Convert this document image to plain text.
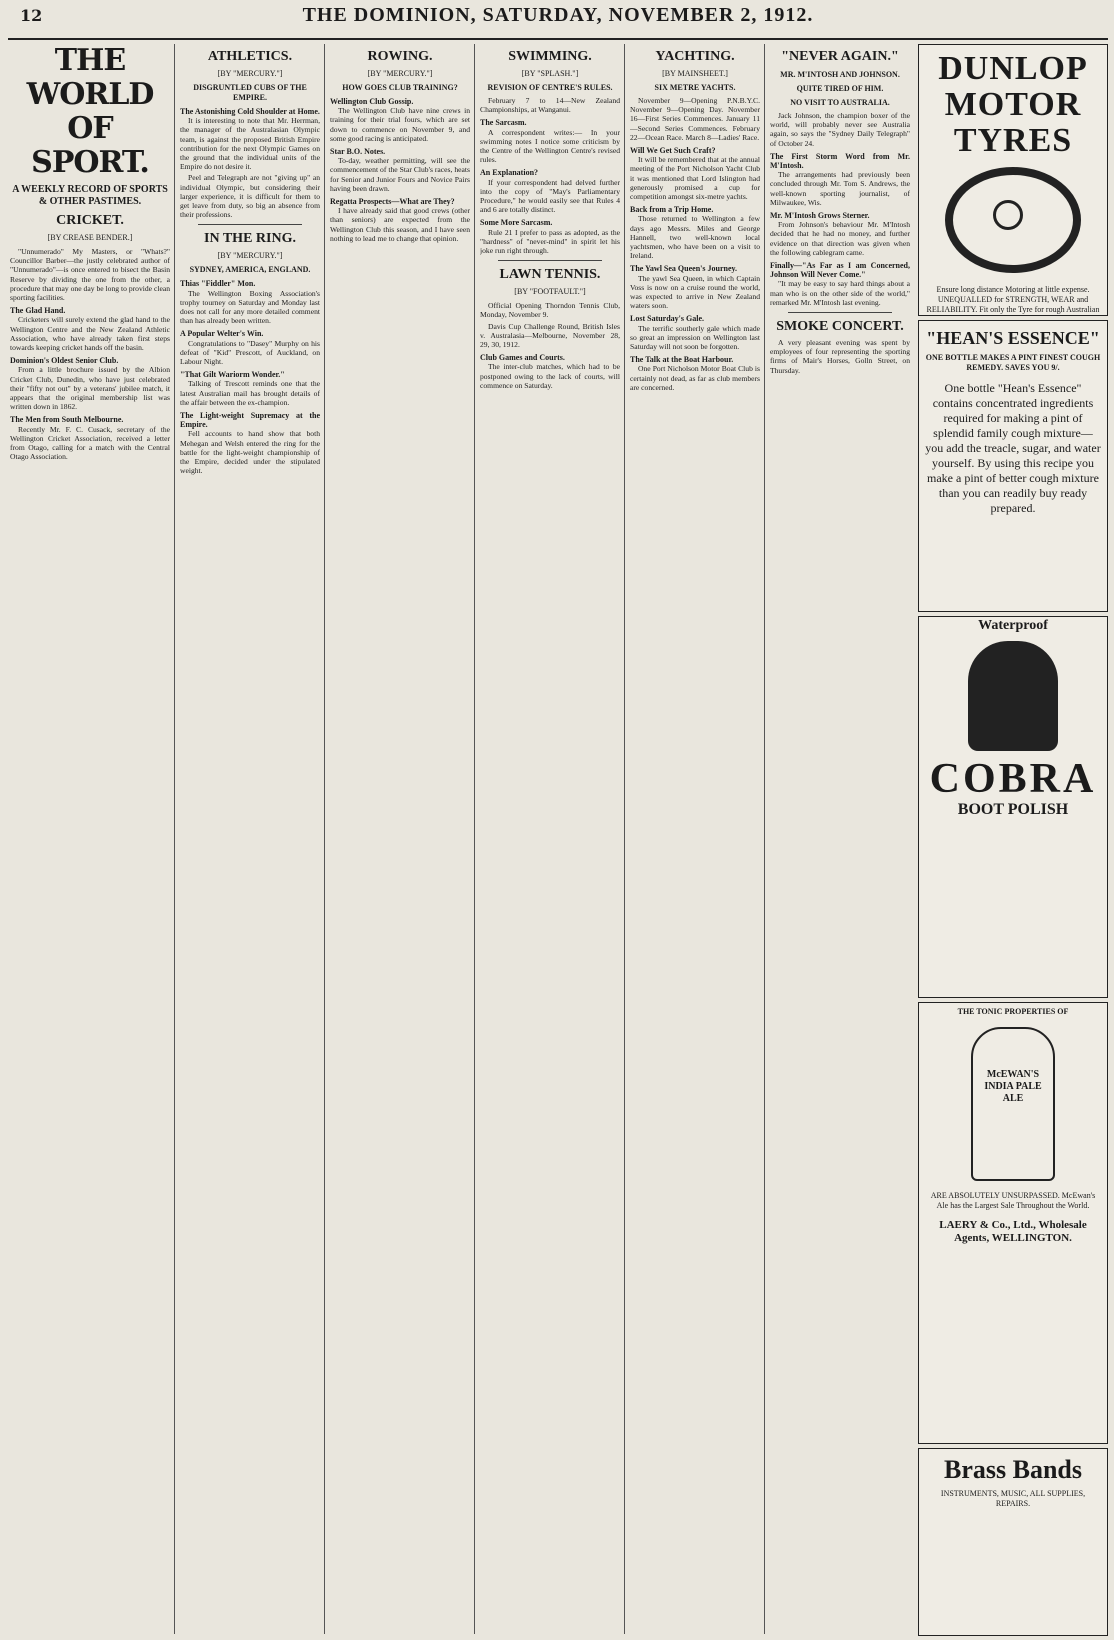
12	THE DOMINION, SATURDAY, NOVEMBER 2, 1912.
THE WORLD OF SPORT.
A WEEKLY RECORD OF SPORTS & OTHER PASTIMES.
CRICKET.
[BY CREASE BENDER.]

"Unnumerado" My Masters, or "Whats?" Councillor Barber—the justly celebrated author of "Unnumerado"—is once entered to bisect the Basin Reserve by dividing the one from the other, a procedure that may one day be long to provide clean sporting facilities.

The Glad Hand.

Cricketers will surely extend the glad hand to the Wellington Centre and the New Zealand Athletic Association, who have already taken first steps towards keeping cricket hands off the basin.

Dominion's Oldest Senior Club.

From a little brochure issued by the Albion Cricket Club, Dunedin, who have just celebrated their "fifty not out" by a veterans' jubilee match, it appears that the original membership list was written down in 1862.

The Men from South Melbourne.

Recently Mr. F. C. Cusack, secretary of the Wellington Cricket Association, received a letter from Otago, calling for a match with the Central Otago Association.

ATHLETICS.
[BY "MERCURY."]
DISGRUNTLED CUBS OF THE EMPIRE.
The Astonishing Cold Shoulder at Home.

It is interesting to note that Mr. Herrman, the manager of the Australasian Olympic team, is against the proposed British Empire contribution for the next Olympic Games on the ground that the individual units of the Empire do not desire it.

Peel and Telegraph are not "giving up" an individual Olympic, but considering their larger experience, it is difficult for them to get leave from duty, so big an absence from their professions.

IN THE RING.
[BY "MERCURY."]
SYDNEY, AMERICA, ENGLAND.
Thias "Fiddler" Mon.

The Wellington Boxing Association's trophy tourney on Saturday and Monday last does not call for any more detailed comment than has already been written.

A Popular Welter's Win.

Congratulations to "Dasey" Murphy on his defeat of "Kid" Prescott, of Auckland, on Labour Night.

"That Gilt Wariorm Wonder."

Talking of Trescott reminds one that the latest Australian mail has brought details of the affair between the ex-champion.

The Light-weight Supremacy at the Empire.

Fell accounts to hand show that both Mehegan and Welsh entered the ring for the battle for the light-weight championship of the Empire, decided under the stipulated weight.

ROWING.
[BY "MERCURY."]
HOW GOES CLUB TRAINING?
Wellington Club Gossip.

The Wellington Club have nine crews in training for their trial fours, which are set down to commence on November 9, and some good racing is anticipated.

Star B.O. Notes.

To-day, weather permitting, will see the commencement of the Star Club's races, heats for Senior and Junior Fours and Novice Pairs having been drawn.

Regatta Prospects—What are They?

I have already said that good crews (other than seniors) are expected from the Wellington Club this season, and I have seen nothing to lead me to change that opinion.

SWIMMING.
[BY "SPLASH."]
REVISION OF CENTRE'S RULES.

February 7 to 14—New Zealand Championships, at Wanganui.

The Sarcasm.

A correspondent writes:— In your swimming notes I notice some criticism by the Centre of the Wellington Centre's revised rules.

An Explanation?

If your correspondent had delved further into the copy of "May's Parliamentary Procedure," he would easily see that Rules 4 and 6 are totally distinct.

Some More Sarcasm.

Rule 21 I prefer to pass as adopted, as the "hardness" of "never-mind" in spirit let his joke run right through.

LAWN TENNIS.
[BY "FOOTFAULT."]

Official Opening Thorndon Tennis Club, Monday, November 9.

Davis Cup Challenge Round, British Isles v. Australasia—Melbourne, November 28, 29, 30, 1912.

Club Games and Courts.

The inter-club matches, which had to be postponed owing to the lack of courts, will commence on Saturday.

YACHTING.
[BY MAINSHEET.]
SIX METRE YACHTS.

November 9—Opening P.N.B.Y.C. November 9—Opening Day. November 16—First Series Commences. January 11—Second Series Commences. February 22—Ocean Race. March 8—Ladies' Race.

Will We Get Such Craft?

It will be remembered that at the annual meeting of the Port Nicholson Yacht Club it was mentioned that Lord Islington had generously promised a cup for competition amongst six-metre yachts.

Back from a Trip Home.

Those returned to Wellington a few days ago Messrs. Miles and George Hannell, two well-known local yachtsmen, who have been on a visit to Ireland.

The Yawl Sea Queen's Journey.

The yawl Sea Queen, in which Captain Voss is now on a cruise round the world, was expected to arrive in New Zealand waters soon.

Lost Saturday's Gale.

The terrific southerly gale which made so great an impression on Wellington last Saturday will not soon be forgotten.

The Talk at the Boat Harbour.

One Port Nicholson Motor Boat Club is certainly not dead, as far as club members are concerned.

"NEVER AGAIN."
MR. M'INTOSH AND JOHNSON.
QUITE TIRED OF HIM.
NO VISIT TO AUSTRALIA.

Jack Johnson, the champion boxer of the world, will probably never see Australia again, so says the "Sydney Daily Telegraph" of October 24.

The First Storm Word from Mr. M'Intosh.

The arrangements had previously been concluded through Mr. Tom S. Andrews, the well-known sporting journalist, of Milwaukee, Wis.

Mr. M'Intosh Grows Sterner.

From Johnson's behaviour Mr. M'Intosh decided that he had no money, and further evidence on that direction was given when the following cablegram came.

Finally—"As Far as I am Concerned, Johnson Will Never Come."

"It may be easy to say hard things about a man who is on the other side of the world," remarked Mr. M'Intosh last evening.

SMOKE CONCERT.

A very pleasant evening was spent by employees of four representing the sporting firms of Mair's Horses, Golln Street, on Thursday.

DUNLOP MOTOR TYRES
Ensure long distance Motoring at little expense. UNEQUALLED for STRENGTH, WEAR and RELIABILITY. Fit only the Tyre for rough Australian
"HEAN'S ESSENCE"
ONE BOTTLE MAKES A PINT FINEST COUGH REMEDY. SAVES YOU 9/.
One bottle "Hean's Essence" contains concentrated ingredients required for making a pint of splendid family cough mixture—you add the treacle, sugar, and water yourself. By using this recipe you make a pint of better cough mixture than you can readily buy ready prepared.
Waterproof
COBRA
BOOT POLISH
THE TONIC PROPERTIES OF
McEWAN'S INDIA PALE ALE
ARE ABSOLUTELY UNSURPASSED. McEwan's Ale has the Largest Sale Throughout the World.
LAERY & Co., Ltd., Wholesale Agents, WELLINGTON.
Brass Bands
INSTRUMENTS, MUSIC, ALL SUPPLIES, REPAIRS.
